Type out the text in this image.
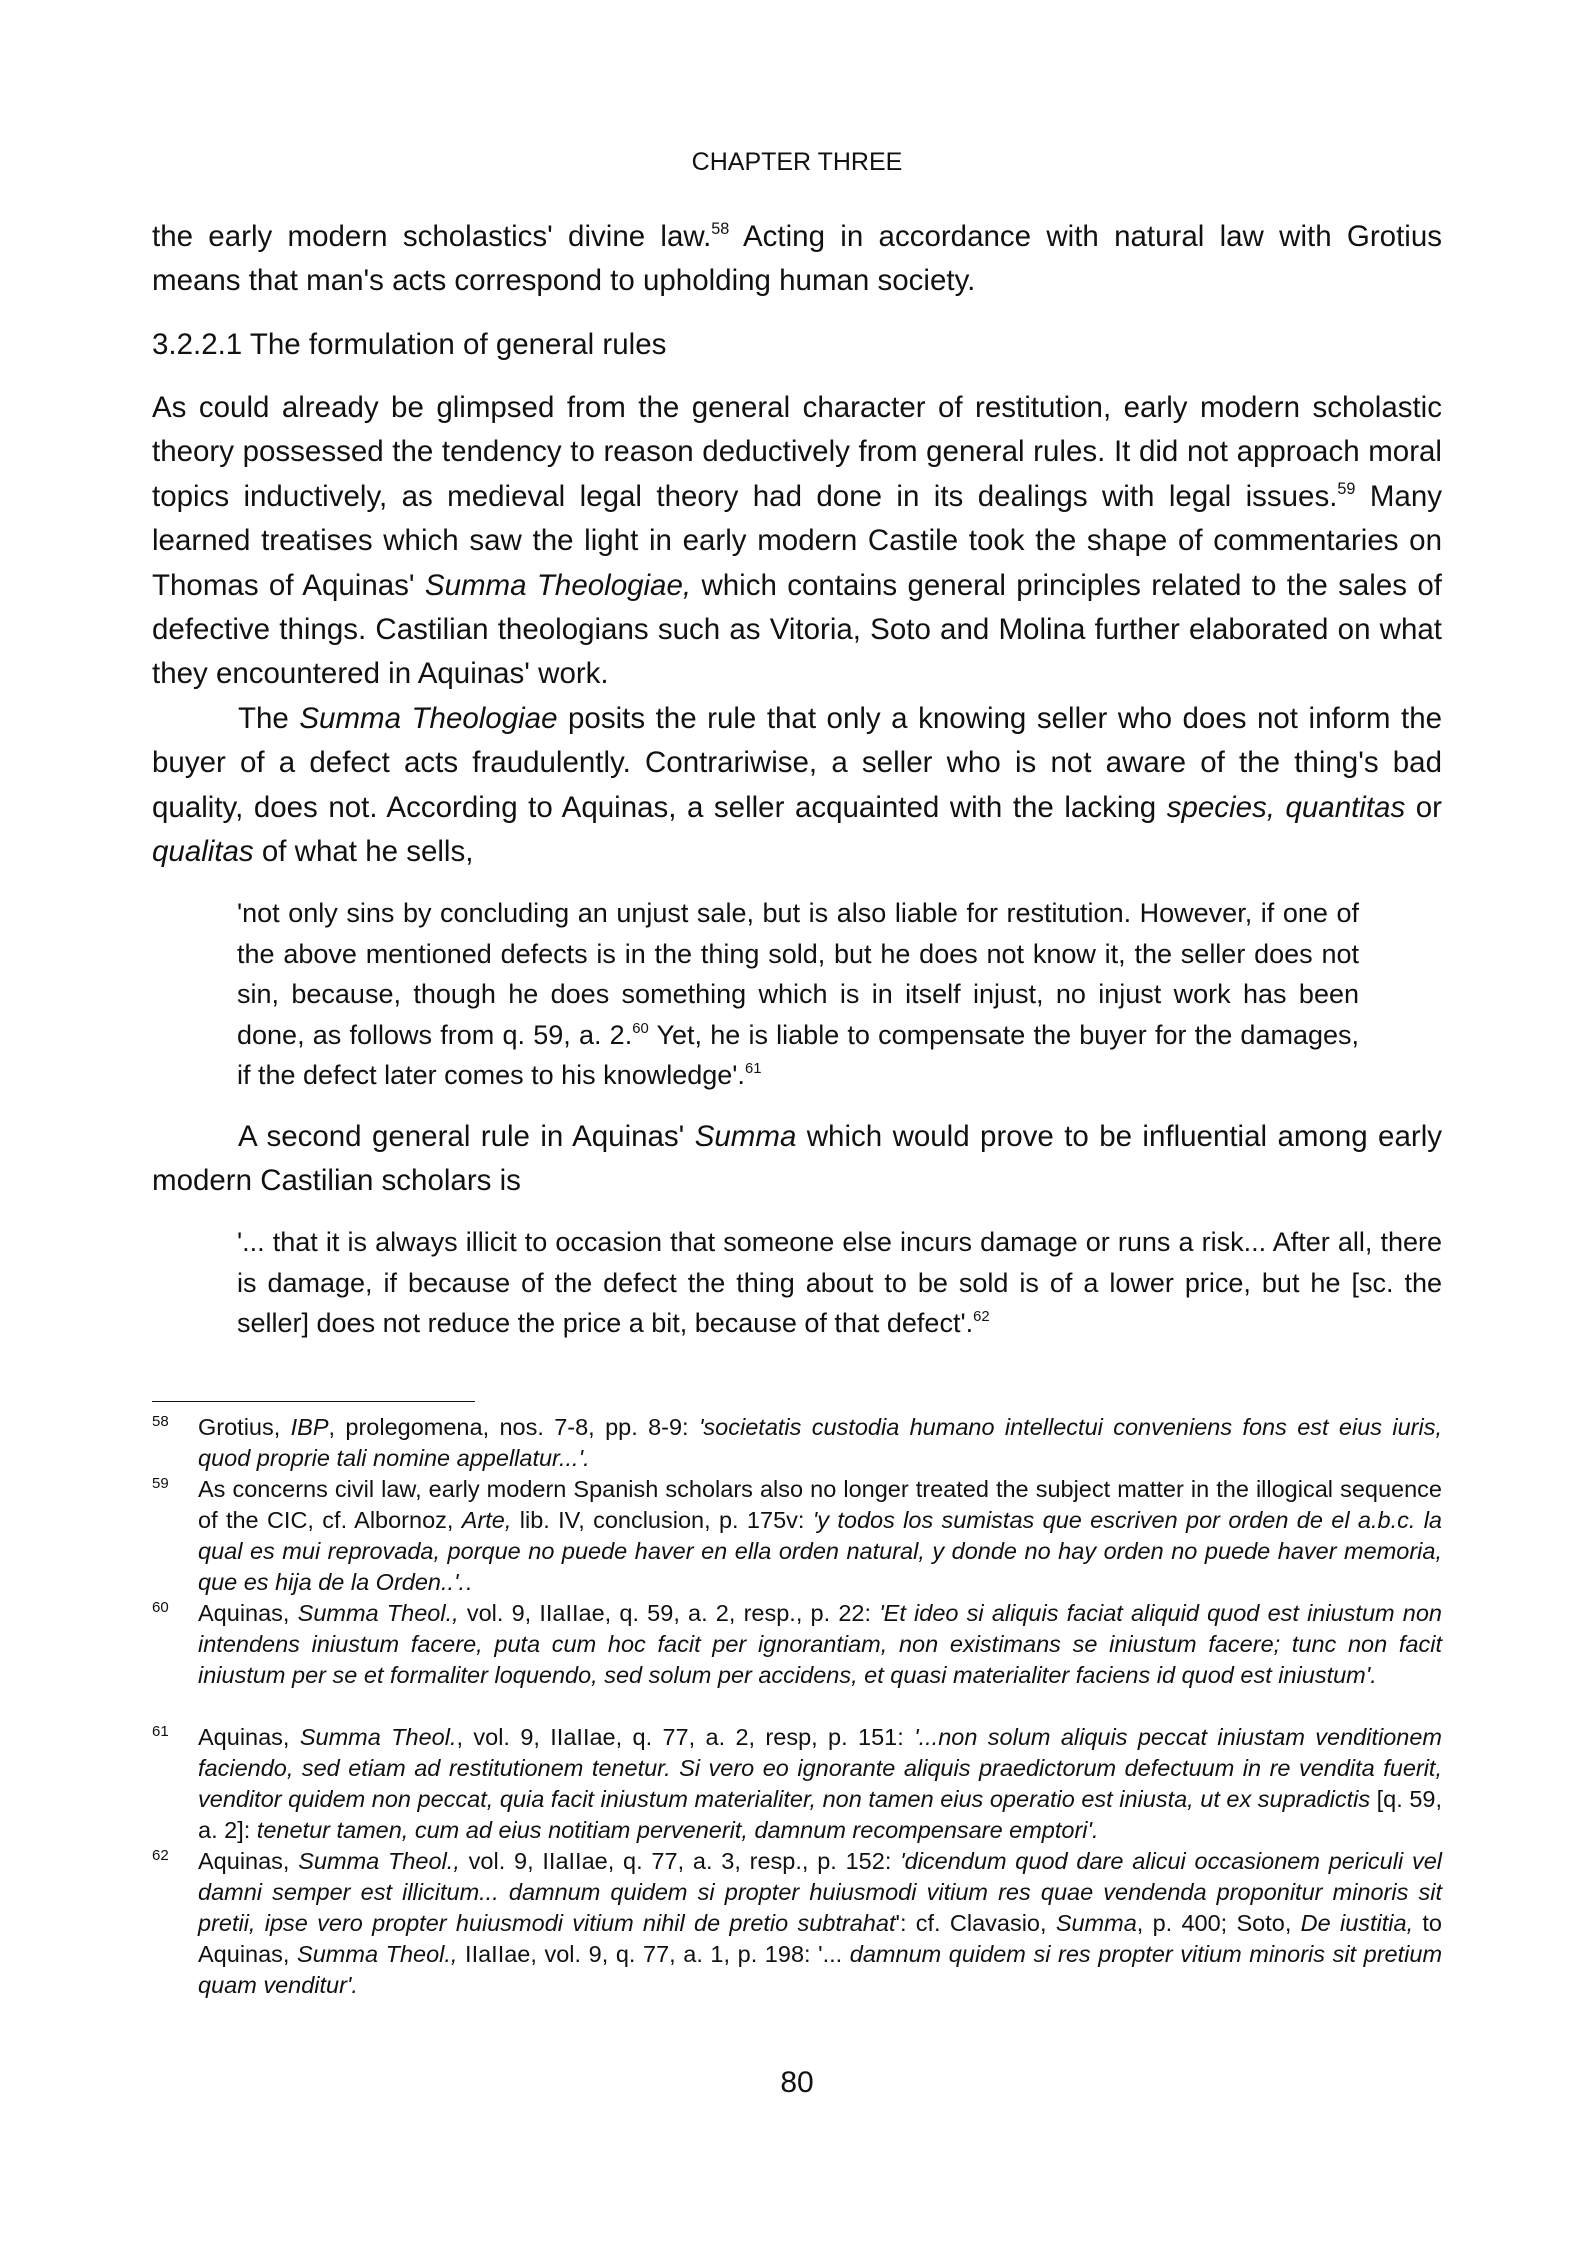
CHAPTER THREE
the early modern scholastics' divine law.$^{58}$ Acting in accordance with natural law with Grotius means that man's acts correspond to upholding human society.
3.2.2.1 The formulation of general rules
As could already be glimpsed from the general character of restitution, early modern scholastic theory possessed the tendency to reason deductively from general rules. It did not approach moral topics inductively, as medieval legal theory had done in its dealings with legal issues.$^{59}$ Many learned treatises which saw the light in early modern Castile took the shape of commentaries on Thomas of Aquinas' Summa Theologiae, which contains general principles related to the sales of defective things. Castilian theologians such as Vitoria, Soto and Molina further elaborated on what they encountered in Aquinas' work.
The Summa Theologiae posits the rule that only a knowing seller who does not inform the buyer of a defect acts fraudulently. Contrariwise, a seller who is not aware of the thing's bad quality, does not. According to Aquinas, a seller acquainted with the lacking species, quantitas or qualitas of what he sells,
'not only sins by concluding an unjust sale, but is also liable for restitution. However, if one of the above mentioned defects is in the thing sold, but he does not know it, the seller does not sin, because, though he does something which is in itself injust, no injust work has been done, as follows from q. 59, a. 2.60 Yet, he is liable to compensate the buyer for the damages, if the defect later comes to his knowledge'.$^{61}$
A second general rule in Aquinas' Summa which would prove to be influential among early modern Castilian scholars is
'... that it is always illicit to occasion that someone else incurs damage or runs a risk... After all, there is damage, if because of the defect the thing about to be sold is of a lower price, but he [sc. the seller] does not reduce the price a bit, because of that defect'.$^{62}$
58 Grotius, IBP, prolegomena, nos. 7-8, pp. 8-9: 'societatis custodia humano intellectui conveniens fons est eius iuris, quod proprie tali nomine appellatur...'.
59 As concerns civil law, early modern Spanish scholars also no longer treated the subject matter in the illogical sequence of the CIC, cf. Albornoz, Arte, lib. IV, conclusion, p. 175v: 'y todos los sumistas que escriven por orden de el a.b.c. la qual es mui reprovada, porque no puede haver en ella orden natural, y donde no hay orden no puede haver memoria, que es hija de la Orden..'..
60 Aquinas, Summa Theol., vol. 9, IIaIIae, q. 59, a. 2, resp., p. 22: 'Et ideo si aliquis faciat aliquid quod est iniustum non intendens iniustum facere, puta cum hoc facit per ignorantiam, non existimans se iniustum facere; tunc non facit iniustum per se et formaliter loquendo, sed solum per accidens, et quasi materialiter faciens id quod est iniustum'.
61 Aquinas, Summa Theol., vol. 9, IIaIIae, q. 77, a. 2, resp, p. 151: '...non solum aliquis peccat iniustam venditionem faciendo, sed etiam ad restitutionem tenetur. Si vero eo ignorante aliquis praedictorum defectuum in re vendita fuerit, venditor quidem non peccat, quia facit iniustum materialiter, non tamen eius operatio est iniusta, ut ex supradictis [q. 59, a. 2]: tenetur tamen, cum ad eius notitiam pervenerit, damnum recompensare emptori'.
62 Aquinas, Summa Theol., vol. 9, IIaIIae, q. 77, a. 3, resp., p. 152: 'dicendum quod dare alicui occasionem periculi vel damni semper est illicitum... damnum quidem si propter huiusmodi vitium res quae vendenda proponitur minoris sit pretii, ipse vero propter huiusmodi vitium nihil de pretio subtrahat': cf. Clavasio, Summa, p. 400; Soto, De iustitia, to Aquinas, Summa Theol., IIaIIae, vol. 9, q. 77, a. 1, p. 198: '... damnum quidem si res propter vitium minoris sit pretium quam venditur'.
80
